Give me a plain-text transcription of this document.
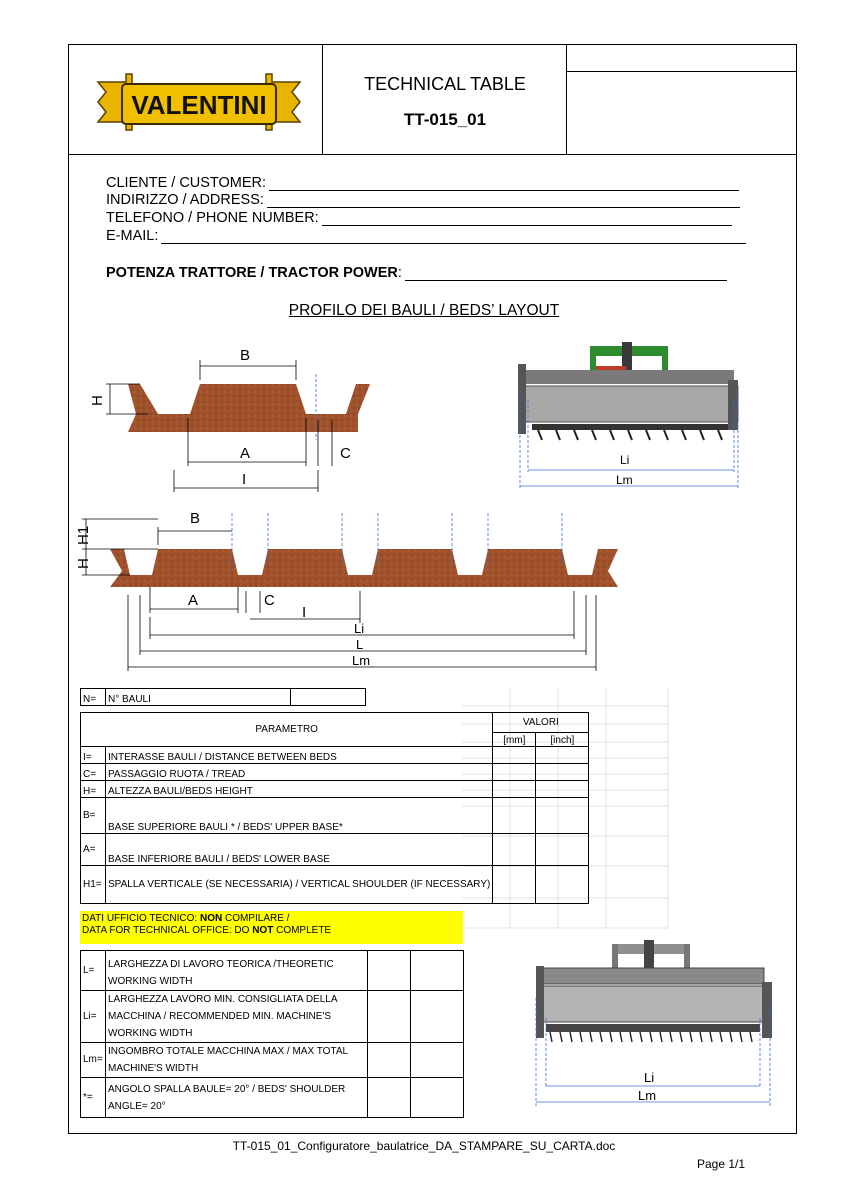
VALENTINI
TECHNICAL TABLE
TT-015_01
CLIENTE / CUSTOMER:
INDIRIZZO / ADDRESS:
TELEFONO / PHONE NUMBER:
E-MAIL:
POTENZA TRATTORE / TRACTOR POWER :
PROFILO DEI BAULI / BEDS’ LAYOUT
B
H
A	C
I
Li
Lm
B
H1
H
A	C
I
Li
L
Lm
N=	N° BAULI	
PARAMETRO		VALORI	
		[mm]	[inch]
I=	INTERASSE BAULI / DISTANCE BETWEEN BEDS		
C=	PASSAGGIO RUOTA / TREAD		
H=	ALTEZZA BAULI/BEDS HEIGHT		
B=	BASE SUPERIORE BAULI * / BEDS' UPPER BASE*		
A=	BASE INFERIORE BAULI / BEDS' LOWER BASE		
H1=	SPALLA VERTICALE (SE NECESSARIA) / VERTICAL SHOULDER (IF NECESSARY)		
DATI UFFICIO TECNICO: NON COMPILARE /
DATA FOR TECHNICAL OFFICE: DO NOT COMPLETE
L=	LARGHEZZA DI LAVORO TEORICA /THEORETIC WORKING WIDTH		
Li=	LARGHEZZA LAVORO MIN. CONSIGLIATA DELLA MACCHINA / RECOMMENDED MIN. MACHINE'S WORKING WIDTH		
Lm=	INGOMBRO TOTALE MACCHINA MAX / MAX TOTAL MACHINE'S WIDTH		
*=	ANGOLO SPALLA BAULE= 20° / BEDS' SHOULDER ANGLE= 20°		
Li
Lm
TT-015_01_Configuratore_baulatrice_DA_STAMPARE_SU_CARTA.doc
Page 1/1
